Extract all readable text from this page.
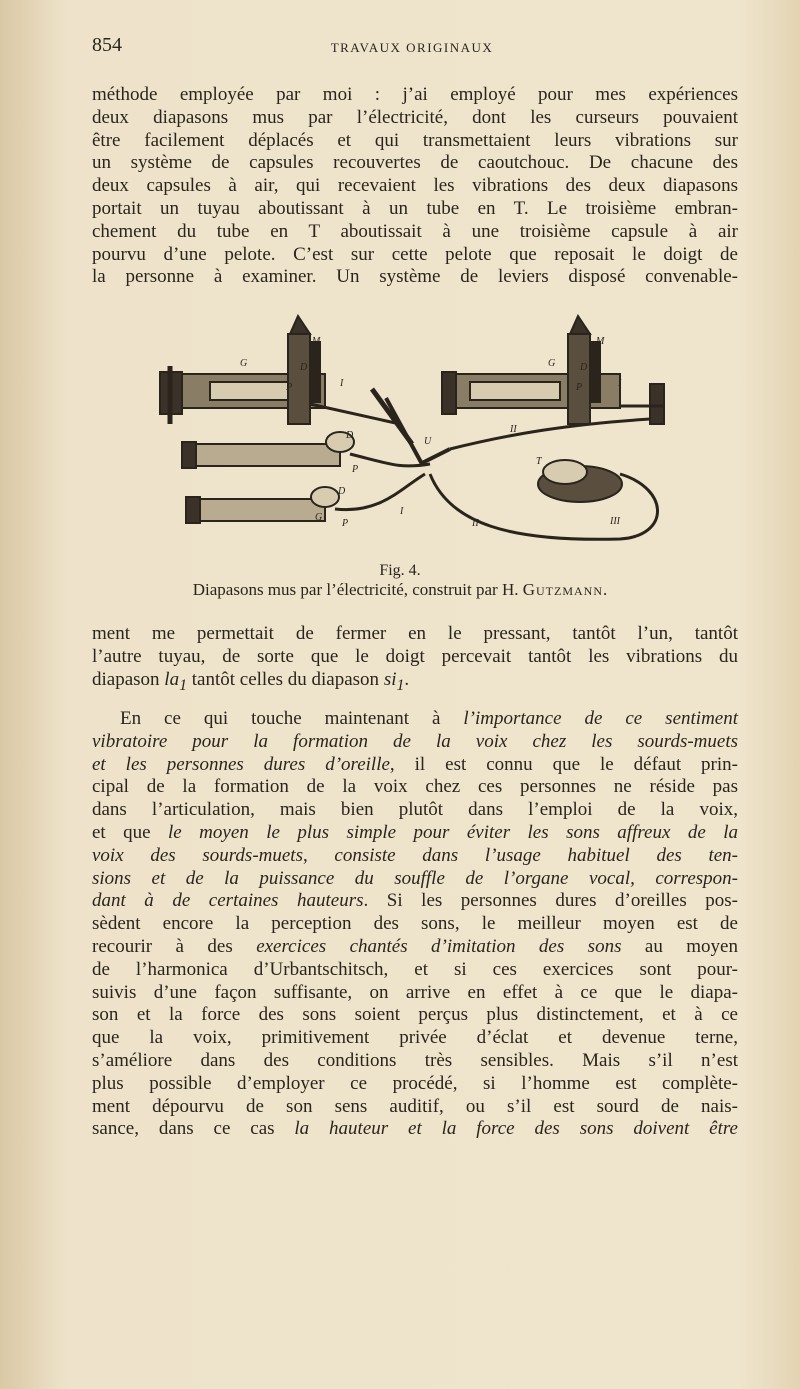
854	TRAVAUX ORIGINAUX
méthode employée par moi : j’ai employé pour mes expériences
deux diapasons mus par l’électricité, dont les curseurs pouvaient
être facilement déplacés et qui transmettaient leurs vibrations sur
un système de capsules recouvertes de caoutchouc. De chacune des
deux capsules à air, qui recevaient les vibrations des deux diapasons
portait un tuyau aboutissant à un tube en T. Le troisième embran-
chement du tube en T aboutissait à une troisième capsule à air
pourvu d’une pelote. C’est sur cette pelote que reposait le doigt de
la personne à examiner. Un système de leviers disposé convenable-
M
G	D
P	I
M
G D
P	I
D
P
D
G
P
U
II
T
III
I
II
Fig. 4.
Diapasons mus par l’électricité, construit par H. Gutzmann.
ment me permettait de fermer en le pressant, tantôt l’un, tantôt
l’autre tuyau, de sorte que le doigt percevait tantôt les vibrations du
diapason $la_1$ tantôt celles du diapason $si_1$.
En ce qui touche maintenant à l’importance de ce sentiment
vibratoire pour la formation de la voix chez les sourds-muets
et les personnes dures d’oreille, il est connu que le défaut prin-
cipal de la formation de la voix chez ces personnes ne réside pas
dans l’articulation, mais bien plutôt dans l’emploi de la voix,
et que le moyen le plus simple pour éviter les sons affreux de la
voix des sourds-muets, consiste dans l’usage habituel des ten-
sions et de la puissance du souffle de l’organe vocal, correspon-
dant à de certaines hauteurs. Si les personnes dures d’oreilles pos-
sèdent encore la perception des sons, le meilleur moyen est de
recourir à des exercices chantés d’imitation des sons au moyen
de l’harmonica d’Urbantschitsch, et si ces exercices sont pour-
suivis d’une façon suffisante, on arrive en effet à ce que le diapa-
son et la force des sons soient perçus plus distinctement, et à ce
que la voix, primitivement privée d’éclat et devenue terne,
s’améliore dans des conditions très sensibles. Mais s’il n’est
plus possible d’employer ce procédé, si l’homme est complète-
ment dépourvu de son sens auditif, ou s’il est sourd de nais-
sance, dans ce cas la hauteur et la force des sons doivent être
